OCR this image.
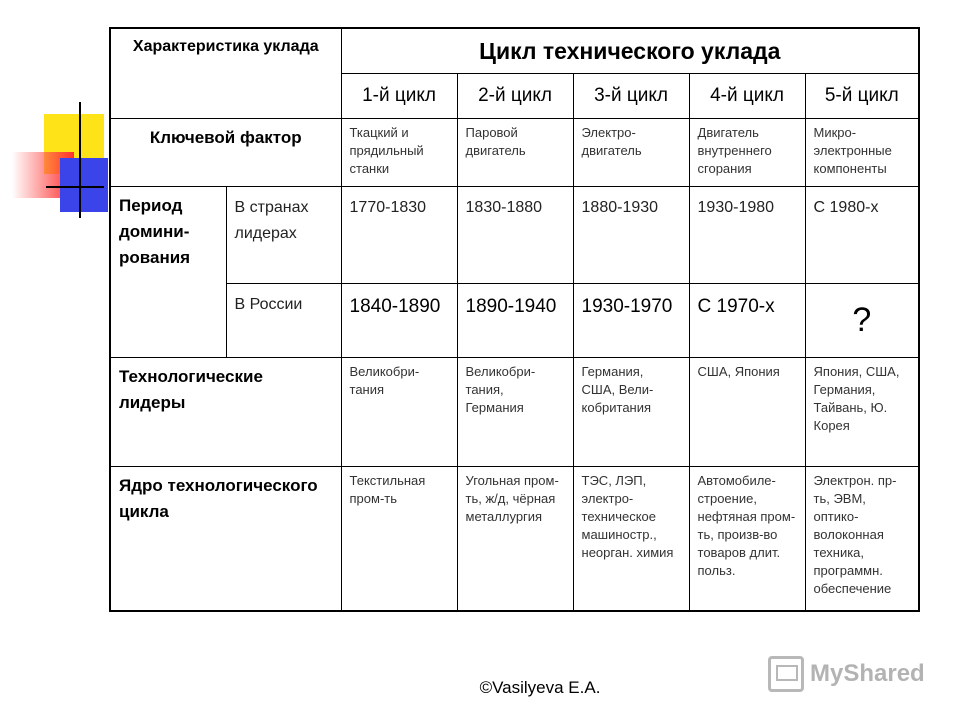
Характеристика уклада		Цикл технического уклада				
		1-й цикл	2-й цикл	3-й цикл	4-й цикл	5-й цикл
Ключевой фактор		Ткацкий и прядильный станки	Паровой двигатель	Электро-двигатель	Двигатель внутреннего сгорания	Микро-электронные компоненты
Период домини-рования	В странах лидерах	1770-1830	1830-1880	1880-1930	1930-1980	С 1980-х
	В России	1840-1890	1890-1940	1930-1970	С 1970-х	?
Технологические лидеры		Великобри-тания	Великобри-тания, Германия	Германия, США, Вели-кобритания	США, Япония	Япония, США, Германия, Тайвань, Ю. Корея
Ядро технологического цикла		Текстильная пром-ть	Угольная пром-ть, ж/д, чёрная металлургия	ТЭС, ЛЭП, электро-техническое машиностр., неорган. химия	Автомобиле-строение, нефтяная пром-ть, произв-во товаров длит. польз.	Электрон. пр-ть, ЭВМ, оптико-волоконная техника, программн. обеспечение
©Vasilyeva E.A.
MyShared
